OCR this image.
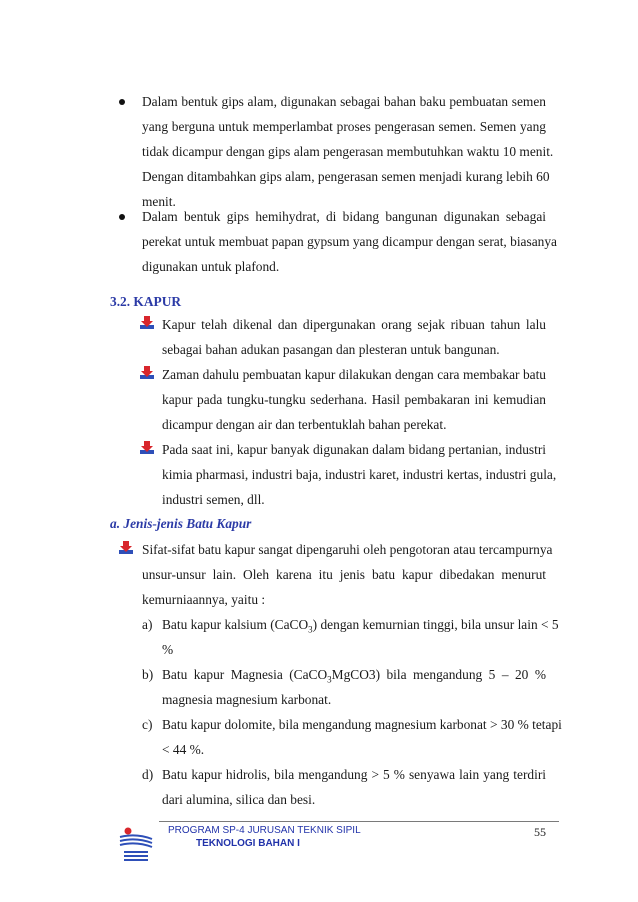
Dalam bentuk gips alam, digunakan sebagai bahan baku pembuatan semen
yang berguna untuk memperlambat proses pengerasan semen. Semen yang
tidak dicampur dengan gips alam pengerasan membutuhkan waktu 10 menit.
Dengan ditambahkan gips alam, pengerasan semen menjadi kurang lebih 60
menit.
Dalam bentuk gips hemihydrat, di bidang bangunan digunakan sebagai
perekat untuk membuat papan gypsum yang dicampur dengan serat, biasanya
digunakan untuk plafond.
3.2. KAPUR
Kapur telah dikenal dan dipergunakan orang sejak ribuan tahun lalu
sebagai bahan adukan pasangan dan plesteran untuk bangunan.
Zaman dahulu pembuatan kapur dilakukan dengan cara membakar batu
kapur pada tungku-tungku sederhana. Hasil pembakaran ini kemudian
dicampur dengan air dan terbentuklah bahan perekat.
Pada saat ini, kapur banyak digunakan dalam bidang pertanian, industri
kimia pharmasi, industri baja, industri karet, industri kertas, industri gula,
industri semen, dll.
a. Jenis-jenis Batu Kapur
Sifat-sifat batu kapur sangat dipengaruhi oleh pengotoran atau tercampurnya
unsur-unsur lain. Oleh karena itu jenis batu kapur dibedakan menurut
kemurniaannya, yaitu :
a) Batu kapur kalsium (CaCO$_3$) dengan kemurnian tinggi, bila unsur lain < 5
%
b) Batu kapur Magnesia (CaCO$_3$MgCO3) bila mengandung 5 – 20 %
magnesia magnesium karbonat.
c) Batu kapur dolomite, bila mengandung magnesium karbonat > 30 % tetapi
< 44 %.
d) Batu kapur hidrolis, bila mengandung > 5 % senyawa lain yang terdiri
dari alumina, silica dan besi.
PROGRAM SP-4 JURUSAN TEKNIK SIPIL
TEKNOLOGI BAHAN I
55
